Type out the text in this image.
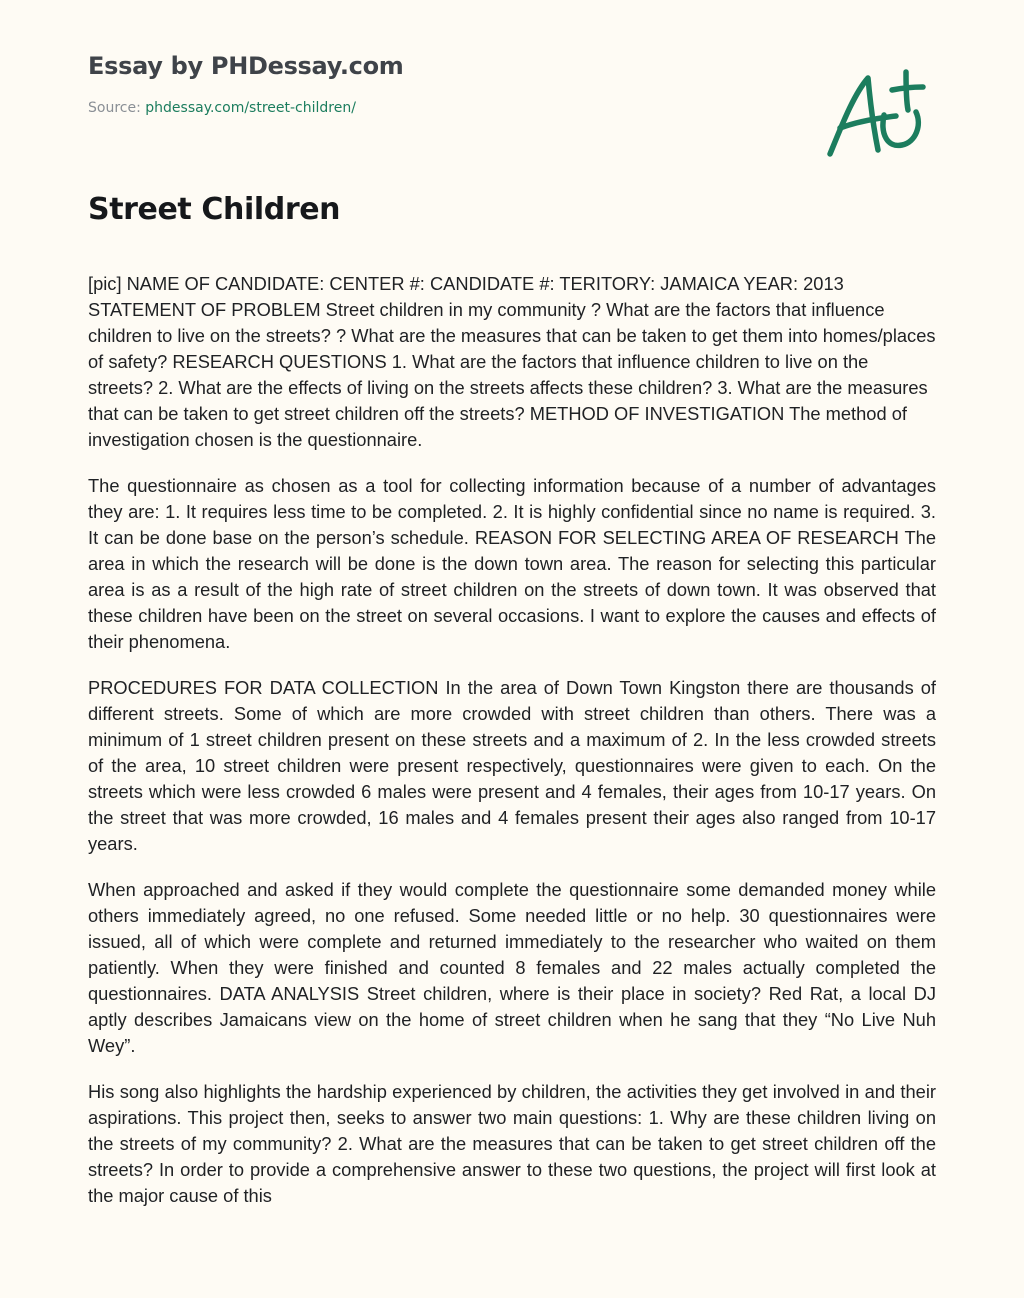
Essay by PHDessay.com
Source: phdessay.com/street-children/
Street Children

[pic] NAME OF CANDIDATE: CENTER #: CANDIDATE #: TERITORY: JAMAICA YEAR: 2013 STATEMENT OF PROBLEM Street children in my community ? What are the factors that influence children to live on the streets? ? What are the measures that can be taken to get them into homes/places of safety? RESEARCH QUESTIONS 1. What are the factors that influence children to live on the streets? 2. What are the effects of living on the streets affects these children? 3. What are the measures that can be taken to get street children off the streets? METHOD OF INVESTIGATION The method of investigation chosen is the questionnaire.

The questionnaire as chosen as a tool for collecting information because of a number of advantages they are: 1. It requires less time to be completed. 2. It is highly confidential since no name is required. 3. It can be done base on the person’s schedule. REASON FOR SELECTING AREA OF RESEARCH The area in which the research will be done is the down town area. The reason for selecting this particular area is as a result of the high rate of street children on the streets of down town. It was observed that these children have been on the street on several occasions. I want to explore the causes and effects of their phenomena.

PROCEDURES FOR DATA COLLECTION In the area of Down Town Kingston there are thousands of different streets. Some of which are more crowded with street children than others. There was a minimum of 1 street children present on these streets and a maximum of 2. In the less crowded streets of the area, 10 street children were present respectively, questionnaires were given to each. On the streets which were less crowded 6 males were present and 4 females, their ages from 10-17 years. On the street that was more crowded, 16 males and 4 females present their ages also ranged from 10-17 years.

When approached and asked if they would complete the questionnaire some demanded money while others immediately agreed, no one refused. Some needed little or no help. 30 questionnaires were issued, all of which were complete and returned immediately to the researcher who waited on them patiently. When they were finished and counted 8 females and 22 males actually completed the questionnaires. DATA ANALYSIS Street children, where is their place in society? Red Rat, a local DJ aptly describes Jamaicans view on the home of street children when he sang that they “No Live Nuh Wey”.

His song also highlights the hardship experienced by children, the activities they get involved in and their aspirations. This project then, seeks to answer two main questions: 1. Why are these children living on the streets of my community? 2. What are the measures that can be taken to get street children off the streets? In order to provide a comprehensive answer to these two questions, the project will first look at the major cause of this
